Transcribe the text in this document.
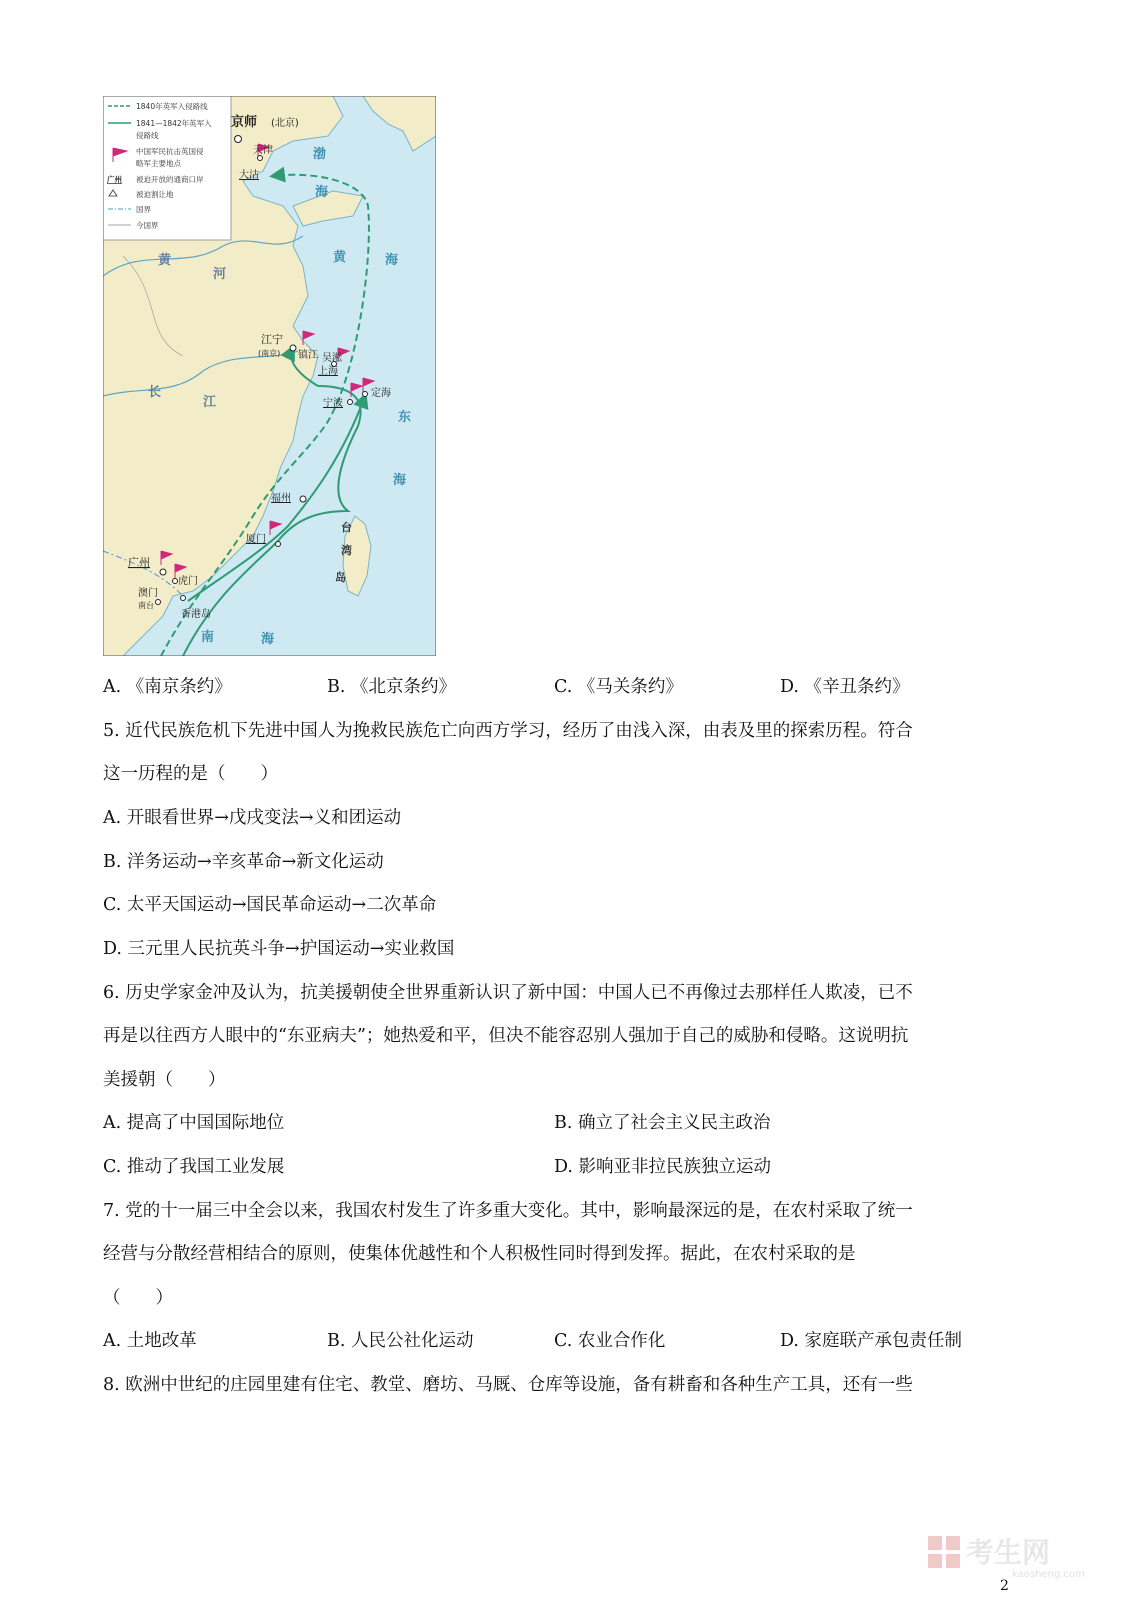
1840年英军入侵路线
1841—1842年英军入
侵路线
中国军民抗击英国侵
略军主要地点
广州 被迫开放的通商口岸
被迫割让地
国界
今国界
渤
海
黄
河
黄	海
长
江
东
海
台
湾
岛
南	海
京师 (北京)
天津
大沽
江宁
(南京) 镇江 吴淞
上海
宁波
定海
福州
厦门
广州
虎门
澳门
南台
香港岛
A. 《南京条约》	B. 《北京条约》	C. 《马关条约》	D. 《辛丑条约》
5. 近代民族危机下先进中国人为挽救民族危亡向西方学习，经历了由浅入深，由表及里的探索历程。符合
这一历程的是（　　）
A. 开眼看世界→戊戌变法→义和团运动
B. 洋务运动→辛亥革命→新文化运动
C. 太平天国运动→国民革命运动→二次革命
D. 三元里人民抗英斗争→护国运动→实业救国
6. 历史学家金冲及认为，抗美援朝使全世界重新认识了新中国：中国人已不再像过去那样任人欺凌，已不
再是以往西方人眼中的“东亚病夫”；她热爱和平，但决不能容忍别人强加于自己的威胁和侵略。这说明抗
美援朝（　　）
A. 提高了中国国际地位	B. 确立了社会主义民主政治
C. 推动了我国工业发展	D. 影响亚非拉民族独立运动
7. 党的十一届三中全会以来，我国农村发生了许多重大变化。其中，影响最深远的是，在农村采取了统一
经营与分散经营相结合的原则，使集体优越性和个人积极性同时得到发挥。据此，在农村采取的是
（　　）
A. 土地改革	B. 人民公社化运动	C. 农业合作化	D. 家庭联产承包责任制
8. 欧洲中世纪的庄园里建有住宅、教堂、磨坊、马厩、仓库等设施，备有耕畜和各种生产工具，还有一些
考生网
kaosheng.com
2
